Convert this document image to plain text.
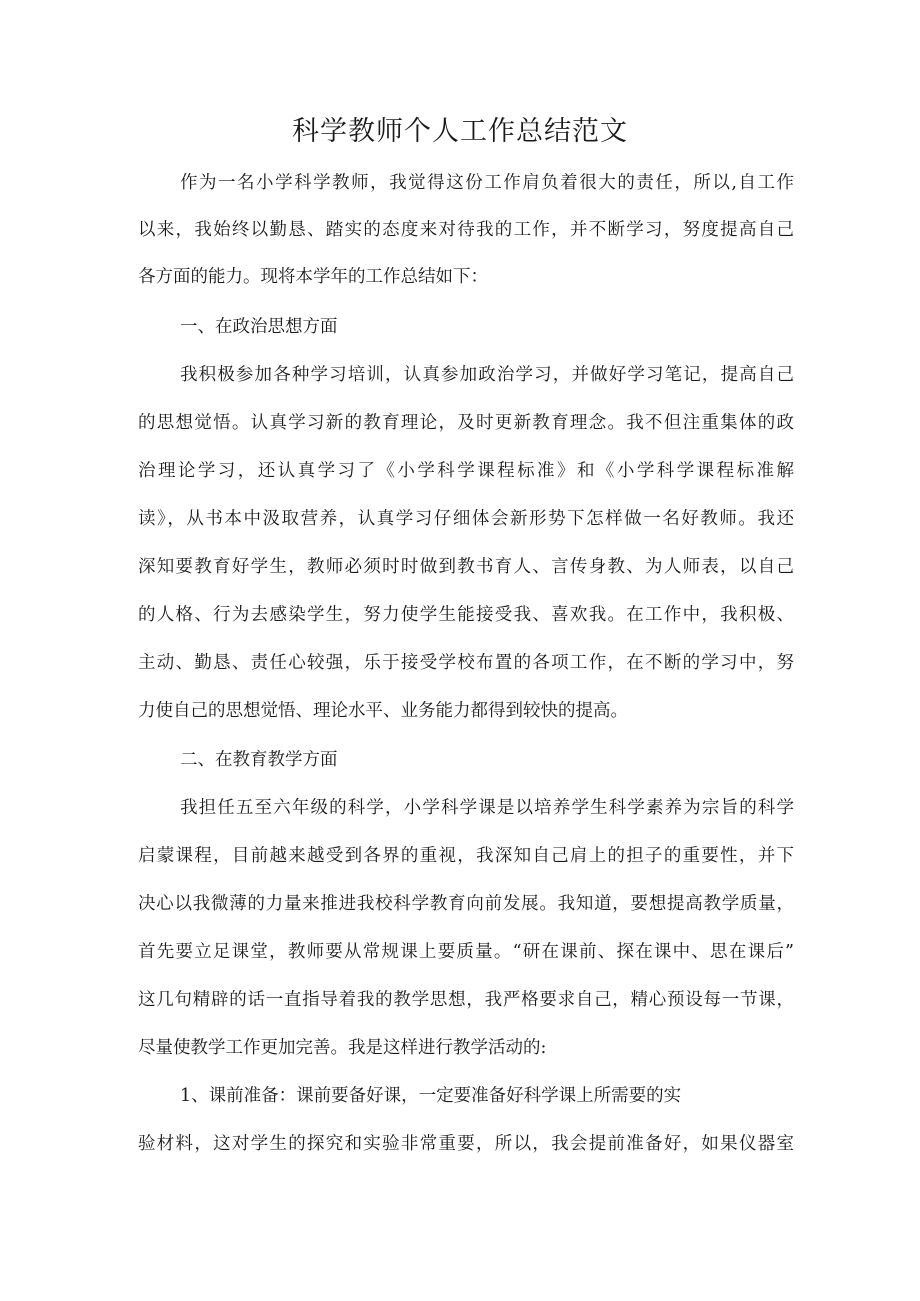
科学教师个人工作总结范文
作为一名小学科学教师，我觉得这份工作肩负着很大的责任，所以,自工作
以来，我始终以勤恳、踏实的态度来对待我的工作，并不断学习，努度提高自己
各方面的能力。现将本学年的工作总结如下：
一、在政治思想方面
我积极参加各种学习培训，认真参加政治学习，并做好学习笔记，提高自己
的思想觉悟。认真学习新的教育理论，及时更新教育理念。我不但注重集体的政
治理论学习，还认真学习了《小学科学课程标准》和《小学科学课程标准解
读》，从书本中汲取营养，认真学习仔细体会新形势下怎样做一名好教师。我还
深知要教育好学生，教师必须时时做到教书育人、言传身教、为人师表，以自己
的人格、行为去感染学生，努力使学生能接受我、喜欢我。在工作中，我积极、
主动、勤恳、责任心较强，乐于接受学校布置的各项工作，在不断的学习中，努
力使自己的思想觉悟、理论水平、业务能力都得到较快的提高。
二、在教育教学方面
我担任五至六年级的科学，小学科学课是以培养学生科学素养为宗旨的科学
启蒙课程，目前越来越受到各界的重视，我深知自己肩上的担子的重要性，并下
决心以我微薄的力量来推进我校科学教育向前发展。我知道，要想提高教学质量，
首先要立足课堂，教师要从常规课上要质量。“研在课前、探在课中、思在课后”
这几句精辟的话一直指导着我的教学思想，我严格要求自己，精心预设每一节课，
尽量使教学工作更加完善。我是这样进行教学活动的:
1、课前准备：课前要备好课，一定要准备好科学课上所需要的实
验材料，这对学生的探究和实验非常重要，所以，我会提前准备好，如果仪器室
